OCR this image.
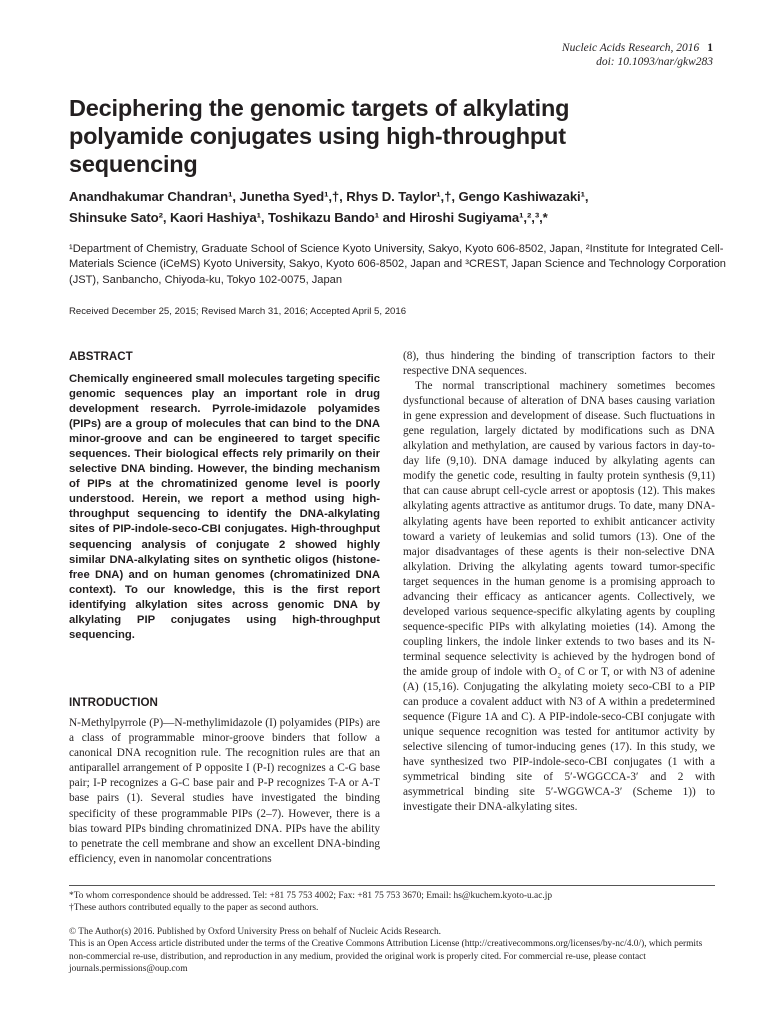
Nucleic Acids Research, 2016 1
doi: 10.1093/nar/gkw283
Deciphering the genomic targets of alkylating polyamide conjugates using high-throughput sequencing
Anandhakumar Chandran¹, Junetha Syed¹,†, Rhys D. Taylor¹,†, Gengo Kashiwazaki¹,
Shinsuke Sato², Kaori Hashiya¹, Toshikazu Bando¹ and Hiroshi Sugiyama¹,²,³,*
¹Department of Chemistry, Graduate School of Science Kyoto University, Sakyo, Kyoto 606-8502, Japan, ²Institute for Integrated Cell-Materials Science (iCeMS) Kyoto University, Sakyo, Kyoto 606-8502, Japan and ³CREST, Japan Science and Technology Corporation (JST), Sanbancho, Chiyoda-ku, Tokyo 102-0075, Japan
Received December 25, 2015; Revised March 31, 2016; Accepted April 5, 2016
ABSTRACT

Chemically engineered small molecules targeting specific genomic sequences play an important role in drug development research. Pyrrole-imidazole polyamides (PIPs) are a group of molecules that can bind to the DNA minor-groove and can be engineered to target specific sequences. Their biological effects rely primarily on their selective DNA binding. However, the binding mechanism of PIPs at the chromatinized genome level is poorly understood. Herein, we report a method using high-throughput sequencing to identify the DNA-alkylating sites of PIP-indole-seco-CBI conjugates. High-throughput sequencing analysis of conjugate 2 showed highly similar DNA-alkylating sites on synthetic oligos (histone-free DNA) and on human genomes (chromatinized DNA context). To our knowledge, this is the first report identifying alkylation sites across genomic DNA by alkylating PIP conjugates using high-throughput sequencing.

INTRODUCTION

N-Methylpyrrole (P)—N-methylimidazole (I) polyamides (PIPs) are a class of programmable minor-groove binders that follow a canonical DNA recognition rule. The recognition rules are that an antiparallel arrangement of P opposite I (P-I) recognizes a C-G base pair; I-P recognizes a G-C base pair and P-P recognizes T-A or A-T base pairs (1). Several studies have investigated the binding specificity of these programmable PIPs (2–7). However, there is a bias toward PIPs binding chromatinized DNA. PIPs have the ability to penetrate the cell membrane and show an excellent DNA-binding efficiency, even in nanomolar concentrations

(8), thus hindering the binding of transcription factors to their respective DNA sequences.

The normal transcriptional machinery sometimes becomes dysfunctional because of alteration of DNA bases causing variation in gene expression and development of disease. Such fluctuations in gene regulation, largely dictated by modifications such as DNA alkylation and methylation, are caused by various factors in day-to-day life (9,10). DNA damage induced by alkylating agents can modify the genetic code, resulting in faulty protein synthesis (9,11) that can cause abrupt cell-cycle arrest or apoptosis (12). This makes alkylating agents attractive as antitumor drugs. To date, many DNA-alkylating agents have been reported to exhibit anticancer activity toward a variety of leukemias and solid tumors (13). One of the major disadvantages of these agents is their non-selective DNA alkylation. Driving the alkylating agents toward tumor-specific target sequences in the human genome is a promising approach to advancing their efficacy as anticancer agents. Collectively, we developed various sequence-specific alkylating agents by coupling sequence-specific PIPs with alkylating moieties (14). Among the coupling linkers, the indole linker extends to two bases and its N-terminal sequence selectivity is achieved by the hydrogen bond of the amide group of indole with O₂ of C or T, or with N3 of adenine (A) (15,16). Conjugating the alkylating moiety seco-CBI to a PIP can produce a covalent adduct with N3 of A within a predetermined sequence (Figure 1A and C). A PIP-indole-seco-CBI conjugate with unique sequence recognition was tested for antitumor activity by selective silencing of tumor-inducing genes (17). In this study, we have synthesized two PIP-indole-seco-CBI conjugates (1 with a symmetrical binding site of 5′-WGGCCA-3′ and 2 with asymmetrical binding site 5′-WGGWCA-3′ (Scheme 1)) to investigate their DNA-alkylating sites.

*To whom correspondence should be addressed. Tel: +81 75 753 4002; Fax: +81 75 753 3670; Email: hs@kuchem.kyoto-u.ac.jp
†These authors contributed equally to the paper as second authors.
© The Author(s) 2016. Published by Oxford University Press on behalf of Nucleic Acids Research.
This is an Open Access article distributed under the terms of the Creative Commons Attribution License (http://creativecommons.org/licenses/by-nc/4.0/), which permits non-commercial re-use, distribution, and reproduction in any medium, provided the original work is properly cited. For commercial re-use, please contact journals.permissions@oup.com
